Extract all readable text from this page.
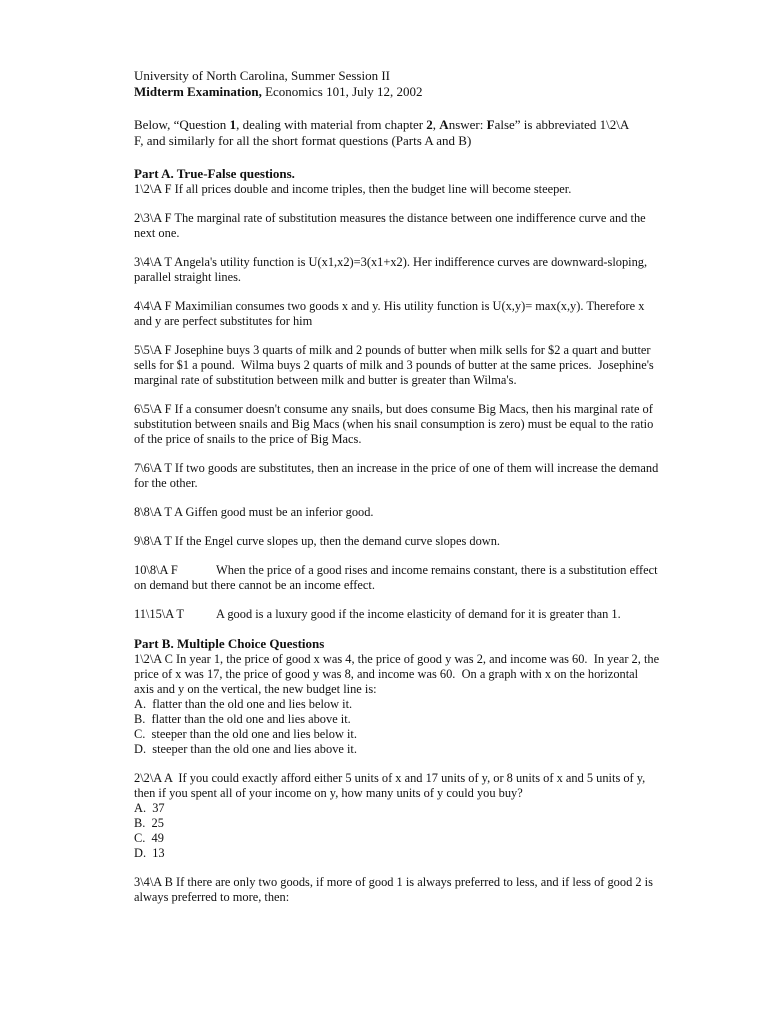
University of North Carolina, Summer Session II

Midterm Examination, Economics 101, July 12, 2002

Below, “Question 1, dealing with material from chapter 2, Answer: False” is abbreviated 1\2\A

F, and similarly for all the short format questions (Parts A and B)

Part A. True-False questions.

1\2\A F If all prices double and income triples, then the budget line will become steeper.

2\3\A F The marginal rate of substitution measures the distance between one indifference curve and the

next one.

3\4\A T Angela's utility function is U(x1,x2)=3(x1+x2). Her indifference curves are downward-sloping,

parallel straight lines.

4\4\A F Maximilian consumes two goods x and y. His utility function is U(x,y)= max(x,y). Therefore x

and y are perfect substitutes for him

5\5\A F Josephine buys 3 quarts of milk and 2 pounds of butter when milk sells for $2 a quart and butter

sells for $1 a pound.  Wilma buys 2 quarts of milk and 3 pounds of butter at the same prices.  Josephine's

marginal rate of substitution between milk and butter is greater than Wilma's.

6\5\A F If a consumer doesn't consume any snails, but does consume Big Macs, then his marginal rate of

substitution between snails and Big Macs (when his snail consumption is zero) must be equal to the ratio

of the price of snails to the price of Big Macs.

7\6\A T If two goods are substitutes, then an increase in the price of one of them will increase the demand

for the other.

8\8\A T A Giffen good must be an inferior good.

9\8\A T If the Engel curve slopes up, then the demand curve slopes down.

10\8\A F	When the price of a good rises and income remains constant, there is a substitution effect

on demand but there cannot be an income effect.

11\15\A T	A good is a luxury good if the income elasticity of demand for it is greater than 1.

Part B. Multiple Choice Questions

1\2\A C In year 1, the price of good x was 4, the price of good y was 2, and income was 60.  In year 2, the

price of x was 17, the price of good y was 8, and income was 60.  On a graph with x on the horizontal

axis and y on the vertical, the new budget line is:

A.  flatter than the old one and lies below it.

B.  flatter than the old one and lies above it.

C.  steeper than the old one and lies below it.

D.  steeper than the old one and lies above it.

2\2\A A  If you could exactly afford either 5 units of x and 17 units of y, or 8 units of x and 5 units of y,

then if you spent all of your income on y, how many units of y could you buy?

A.  37

B.  25

C.  49

D.  13

3\4\A B If there are only two goods, if more of good 1 is always preferred to less, and if less of good 2 is

always preferred to more, then:
